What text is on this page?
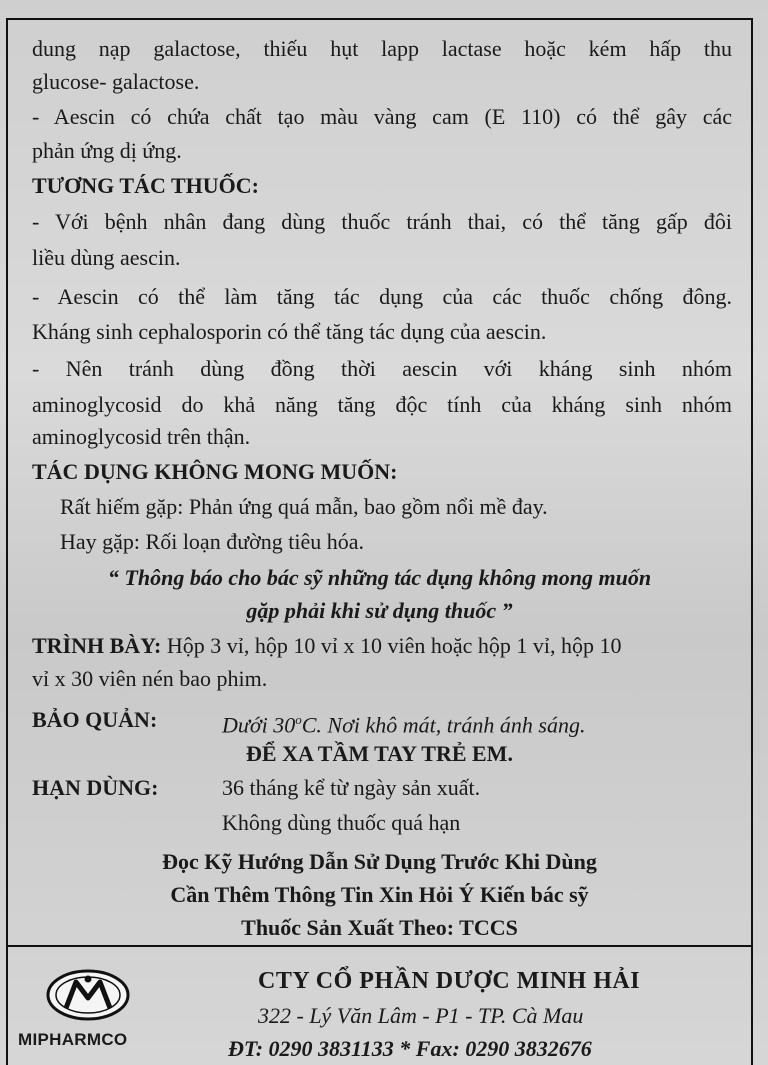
dung nạp galactose, thiếu hụt lapp lactase hoặc kém hấp thu
glucose- galactose.
- Aescin có chứa chất tạo màu vàng cam (E 110) có thể gây các
phản ứng dị ứng.
TƯƠNG TÁC THUỐC:
- Với bệnh nhân đang dùng thuốc tránh thai, có thể tăng gấp đôi
liều dùng aescin.
- Aescin có thể làm tăng tác dụng của các thuốc chống đông.
Kháng sinh cephalosporin có thể tăng tác dụng của aescin.
- Nên tránh dùng đồng thời aescin với kháng sinh nhóm
aminoglycosid do khả năng tăng độc tính của kháng sinh nhóm
aminoglycosid trên thận.
TÁC DỤNG KHÔNG MONG MUỐN:
Rất hiếm gặp: Phản ứng quá mẫn, bao gồm nổi mề đay.
Hay gặp: Rối loạn đường tiêu hóa.
“ Thông báo cho bác sỹ những tác dụng không mong muốn
gặp phải khi sử dụng thuốc ”
TRÌNH BÀY: Hộp 3 vỉ, hộp 10 vỉ x 10 viên hoặc hộp 1 vỉ, hộp 10
vỉ x 30 viên nén bao phim.
BẢO QUẢN:	Dưới 30$^o$C. Nơi khô mát, tránh ánh sáng.
ĐỂ XA TẦM TAY TRẺ EM.
HẠN DÙNG:	36 tháng kể từ ngày sản xuất.
Không dùng thuốc quá hạn
Đọc Kỹ Hướng Dẫn Sử Dụng Trước Khi Dùng
Cần Thêm Thông Tin Xin Hỏi Ý Kiến bác sỹ
Thuốc Sản Xuất Theo: TCCS
MIPHARMCO
CTY CỔ PHẦN DƯỢC MINH HẢI
322 - Lý Văn Lâm - P1 - TP. Cà Mau
ĐT: 0290 3831133 * Fax: 0290 3832676
